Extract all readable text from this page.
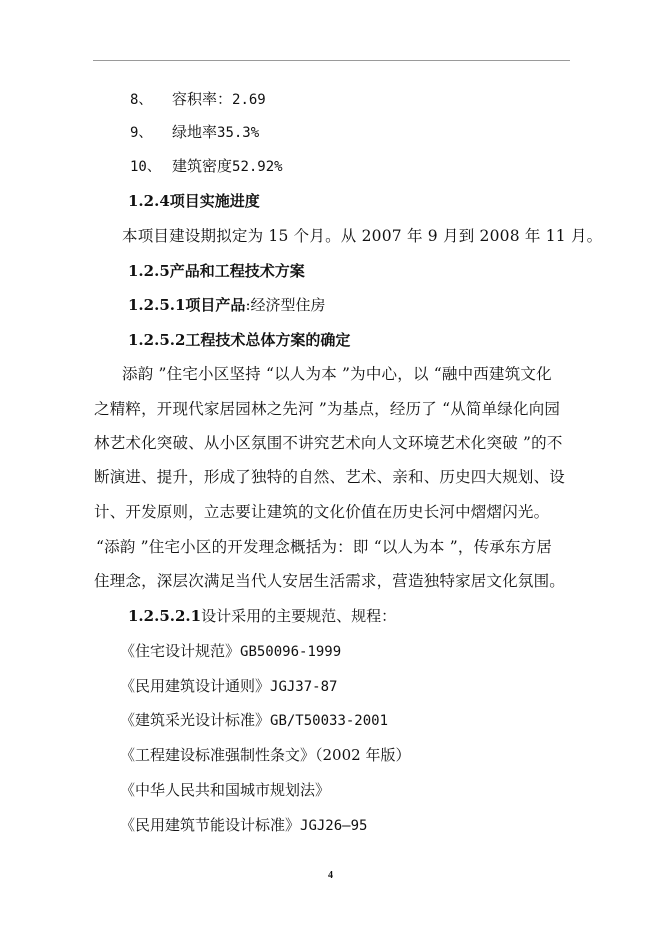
8、 容积率：2.69
9、 绿地率35.3%
10、 建筑密度52.92%
1.2.4项目实施进度
本项目建设期拟定为 15 个月。从 2007 年 9 月到 2008 年 11 月。
1.2.5产品和工程技术方案
1.2.5.1项目产品:经济型住房
1.2.5.2工程技术总体方案的确定
添韵 ”住宅小区坚持 “以人为本 ”为中心，以 “融中西建筑文化
之精粹，开现代家居园林之先河 ”为基点，经历了 “从简单绿化向园
林艺术化突破、从小区氛围不讲究艺术向人文环境艺术化突破 ”的不
断演进、提升，形成了独特的自然、艺术、亲和、历史四大规划、设
计、开发原则，立志要让建筑的文化价值在历史长河中熠熠闪光。
“添韵 ”住宅小区的开发理念概括为：即 “以人为本 ”，传承东方居
住理念，深层次满足当代人安居生活需求，营造独特家居文化氛围。
1.2.5.2.1设计采用的主要规范、规程：
《住宅设计规范》GB50096-1999
《民用建筑设计通则》JGJ37-87
《建筑采光设计标准》GB/T50033-2001
《工程建设标准强制性条文》（2002 年版）
《中华人民共和国城市规划法》
《民用建筑节能设计标准》JGJ26—95
4
